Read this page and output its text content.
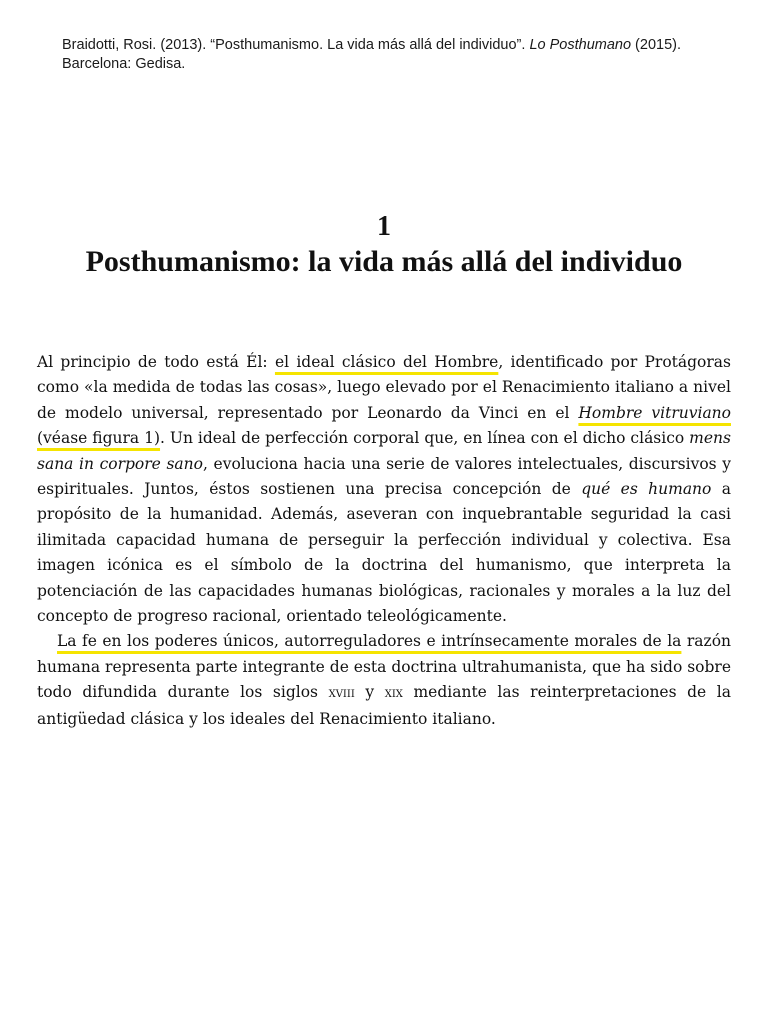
Braidotti, Rosi. (2013). “Posthumanismo. La vida más allá del individuo”. Lo Posthumano (2015). Barcelona: Gedisa.
1
Posthumanismo: la vida más allá del individuo

Al principio de todo está Él: el ideal clásico del Hombre, identificado por Protágoras como «la medida de todas las cosas», luego elevado por el Renacimiento italiano a nivel de modelo universal, representado por Leonardo da Vinci en el Hombre vitruviano (véase figura 1). Un ideal de perfección corporal que, en línea con el dicho clásico mens sana in corpore sano, evoluciona hacia una serie de valores intelectuales, discursivos y espirituales. Juntos, éstos sostienen una precisa concepción de qué es humano a propósito de la humanidad. Además, aseveran con inquebrantable seguridad la casi ilimitada capacidad humana de perseguir la perfección individual y colectiva. Esa imagen icónica es el símbolo de la doctrina del humanismo, que interpreta la potenciación de las capacidades humanas biológicas, racionales y morales a la luz del concepto de progreso racional, orientado teleológicamente.

La fe en los poderes únicos, autorreguladores e intrínsecamente morales de la razón humana representa parte integrante de esta doctrina ultrahumanista, que ha sido sobre todo difundida durante los siglos xviii y xix mediante las reinterpretaciones de la antigüedad clásica y los ideales del Renacimiento italiano.
